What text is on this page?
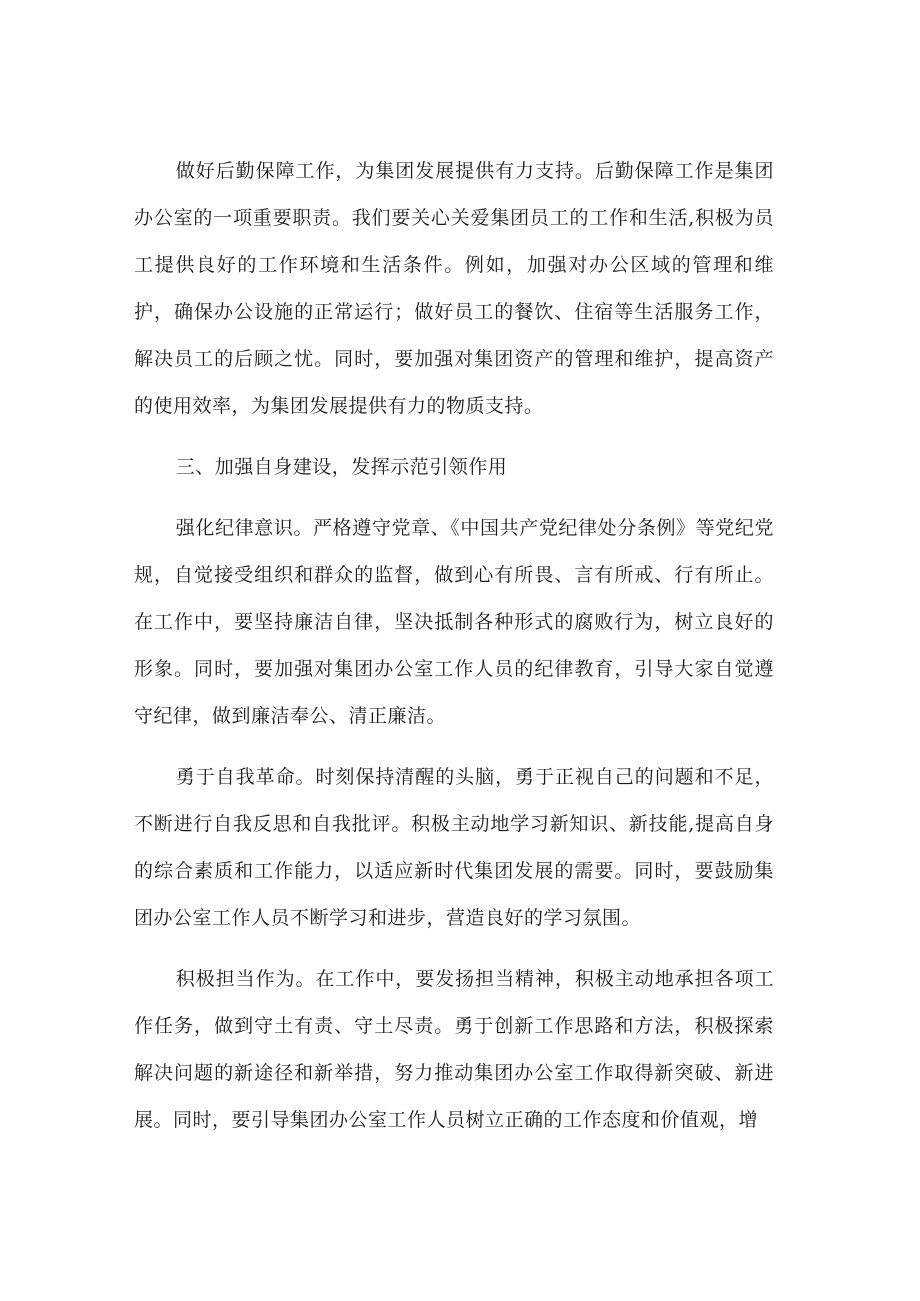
做好后勤保障工作，为集团发展提供有力支持。后勤保障工作是集团办公室的一项重要职责。我们要关心关爱集团员工的工作和生活,积极为员工提供良好的工作环境和生活条件。例如，加强对办公区域的管理和维护，确保办公设施的正常运行；做好员工的餐饮、住宿等生活服务工作，解决员工的后顾之忧。同时，要加强对集团资产的管理和维护，提高资产的使用效率，为集团发展提供有力的物质支持。

三、加强自身建设，发挥示范引领作用

强化纪律意识。严格遵守党章、《中国共产党纪律处分条例》等党纪党规，自觉接受组织和群众的监督，做到心有所畏、言有所戒、行有所止。在工作中，要坚持廉洁自律，坚决抵制各种形式的腐败行为，树立良好的形象。同时，要加强对集团办公室工作人员的纪律教育，引导大家自觉遵守纪律，做到廉洁奉公、清正廉洁。

勇于自我革命。时刻保持清醒的头脑，勇于正视自己的问题和不足，不断进行自我反思和自我批评。积极主动地学习新知识、新技能,提高自身的综合素质和工作能力，以适应新时代集团发展的需要。同时，要鼓励集团办公室工作人员不断学习和进步，营造良好的学习氛围。

积极担当作为。在工作中，要发扬担当精神，积极主动地承担各项工作任务，做到守土有责、守土尽责。勇于创新工作思路和方法，积极探索解决问题的新途径和新举措，努力推动集团办公室工作取得新突破、新进展。同时，要引导集团办公室工作人员树立正确的工作态度和价值观，增
